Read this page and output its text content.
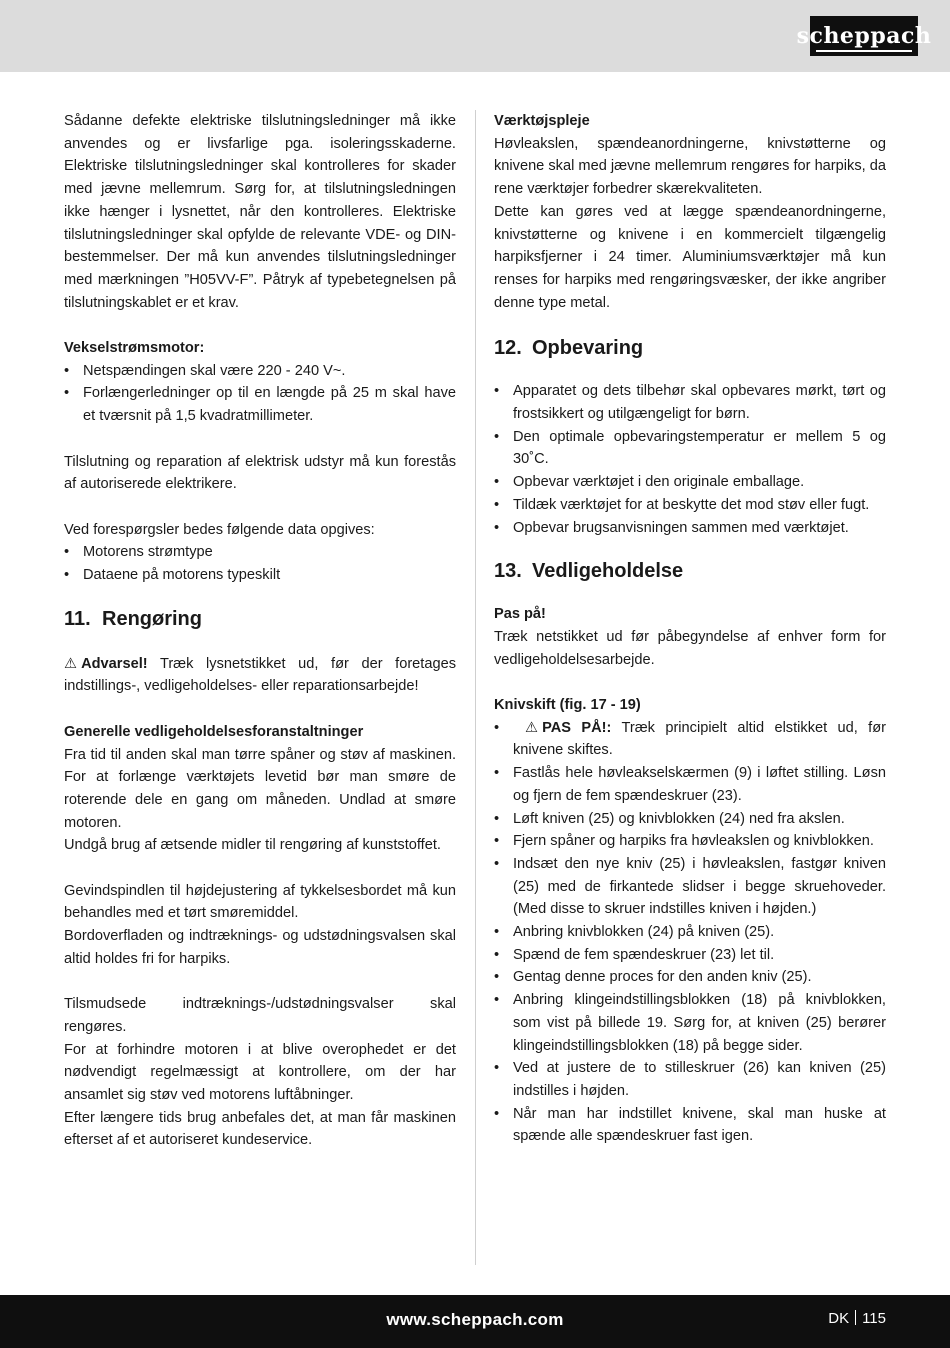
scheppach

Sådanne defekte elektriske tilslutningsledninger må ikke anvendes og er livsfarlige pga. isoleringsskaderne. Elektriske tilslutningsledninger skal kontrolleres for skader med jævne mellemrum. Sørg for, at tilslutningsledningen ikke hænger i lysnettet, når den kontrolleres. Elektriske tilslutningsledninger skal opfylde de relevante VDE- og DIN-bestemmelser. Der må kun anvendes tilslutningsledninger med mærkningen ”H05VV-F”. Påtryk af typebetegnelsen på tilslutningskablet er et krav.

Vekselstrømsmotor:

• Netspændingen skal være 220 - 240 V~.
• Forlængerledninger op til en længde på 25 m skal have et tværsnit på 1,5 kvadratmillimeter.

Tilslutning og reparation af elektrisk udstyr må kun forestås af autoriserede elektrikere.

Ved forespørgsler bedes følgende data opgives:

• Motorens strømtype
• Dataene på motorens typeskilt
11. Rengøring

⚠ Advarsel! Træk lysnetstikket ud, før der foretages indstillings-, vedligeholdelses- eller reparationsarbejde!

Generelle vedligeholdelsesforanstaltninger

Fra tid til anden skal man tørre spåner og støv af maskinen. For at forlænge værktøjets levetid bør man smøre de roterende dele en gang om måneden. Undlad at smøre motoren.

Undgå brug af ætsende midler til rengøring af kunststoffet.

Gevindspindlen til højdejustering af tykkelsesbordet må kun behandles med et tørt smøremiddel.

Bordoverfladen og indtræknings- og udstødningsvalsen skal altid holdes fri for harpiks.

Tilsmudsede indtræknings-/udstødningsvalser skal rengøres.

For at forhindre motoren i at blive overophedet er det nødvendigt regelmæssigt at kontrollere, om der har ansamlet sig støv ved motorens luftåbninger.

Efter længere tids brug anbefales det, at man får maskinen efterset af et autoriseret kundeservice.

Værktøjspleje

Høvleakslen, spændeanordningerne, knivstøtterne og knivene skal med jævne mellemrum rengøres for harpiks, da rene værktøjer forbedrer skærekvaliteten.

Dette kan gøres ved at lægge spændeanordningerne, knivstøtterne og knivene i en kommercielt tilgængelig harpiksfjerner i 24 timer. Aluminiumsværktøjer må kun renses for harpiks med rengøringsvæsker, der ikke angriber denne type metal.

12. Opbevaring
• Apparatet og dets tilbehør skal opbevares mørkt, tørt og frostsikkert og utilgængeligt for børn.
• Den optimale opbevaringstemperatur er mellem 5 og 30˚C.
• Opbevar værktøjet i den originale emballage.
• Tildæk værktøjet for at beskytte det mod støv eller fugt.
• Opbevar brugsanvisningen sammen med værktøjet.
13. Vedligeholdelse

Pas på!

Træk netstikket ud før påbegyndelse af enhver form for vedligeholdelsesarbejde.

Knivskift (fig. 17 - 19)

• ⚠ PAS PÅ!: Træk principielt altid elstikket ud, før knivene skiftes.
• Fastlås hele høvleakselskærmen (9) i løftet stilling. Løsn og fjern de fem spændeskruer (23).
• Løft kniven (25) og knivblokken (24) ned fra akslen.
• Fjern spåner og harpiks fra høvleakslen og knivblokken.
• Indsæt den nye kniv (25) i høvleakslen, fastgør kniven (25) med de firkantede slidser i begge skruehoveder. (Med disse to skruer indstilles kniven i højden.)
• Anbring knivblokken (24) på kniven (25).
• Spænd de fem spændeskruer (23) let til.
• Gentag denne proces for den anden kniv (25).
• Anbring klingeindstillingsblokken (18) på knivblokken, som vist på billede 19. Sørg for, at kniven (25) berører klingeindstillingsblokken (18) på begge sider.
• Ved at justere de to stilleskruer (26) kan kniven (25) indstilles i højden.
• Når man har indstillet knivene, skal man huske at spænde alle spændeskruer fast igen.
www.scheppach.com	DK 115
